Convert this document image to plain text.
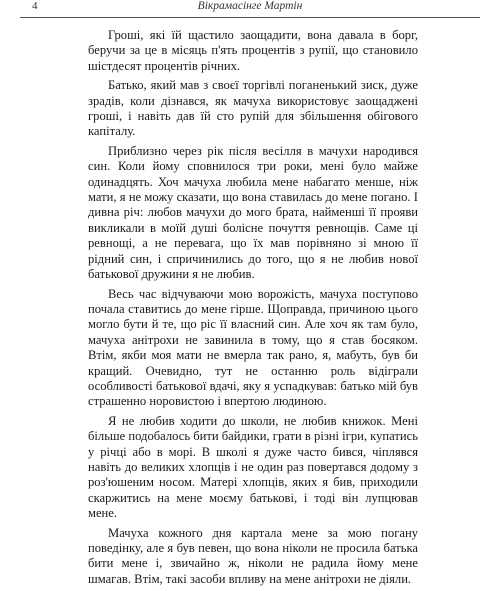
4	Вікрамасінге Мартін

Гроші, які їй щастило заощадити, вона давала в борг, беручи за це в місяць п'ять процентів з рупії, що становило шістдесят процентів річних.

Батько, який мав з своєї торгівлі поганенький зиск, дуже зрадів, коли дізнався, як мачуха використовує заощаджені гроші, і навіть дав їй сто рупій для збільшення обігового капіталу.

Приблизно через рік після весілля в мачухи народився син. Коли йому сповнилося три роки, мені було майже одинадцять. Хоч мачуха любила мене набагато менше, ніж мати, я не можу сказати, що вона ставилась до мене погано. І дивна річ: любов мачухи до мого брата, найменші її прояви викликали в моїй душі болісне почуття ревнощів. Саме ці ревнощі, а не перевага, що їх мав порівняно зі мною її рідний син, і спричинились до того, що я не любив нової батькової дружини я не любив.

Весь час відчуваючи мою ворожість, мачуха поступово почала ставитись до мене гірше. Щоправда, причиною цього могло бути й те, що ріс її власний син. Але хоч як там було, мачуха анітрохи не завинила в тому, що я став босяком. Втім, якби моя мати не вмерла так рано, я, мабуть, був би кращий. Очевидно, тут не останню роль відіграли особливості батькової вдачі, яку я успадкував: батько мій був страшенно норовистою і впертою людиною.

Я не любив ходити до школи, не любив книжок. Мені більше подобалось бити байдики, грати в різні ігри, купатись у річці або в морі. В школі я дуже часто бився, чіплявся навіть до великих хлопців і не один раз повертався додому з роз'юшеним носом. Матері хлопців, яких я бив, приходили скаржитись на мене моєму батькові, і тоді він лупцював мене.

Мачуха кожного дня картала мене за мою погану поведінку, але я був певен, що вона ніколи не просила батька бити мене і, звичайно ж, ніколи не радила йому мене шмагав. Втім, такі засоби впливу на мене анітрохи не діяли.
